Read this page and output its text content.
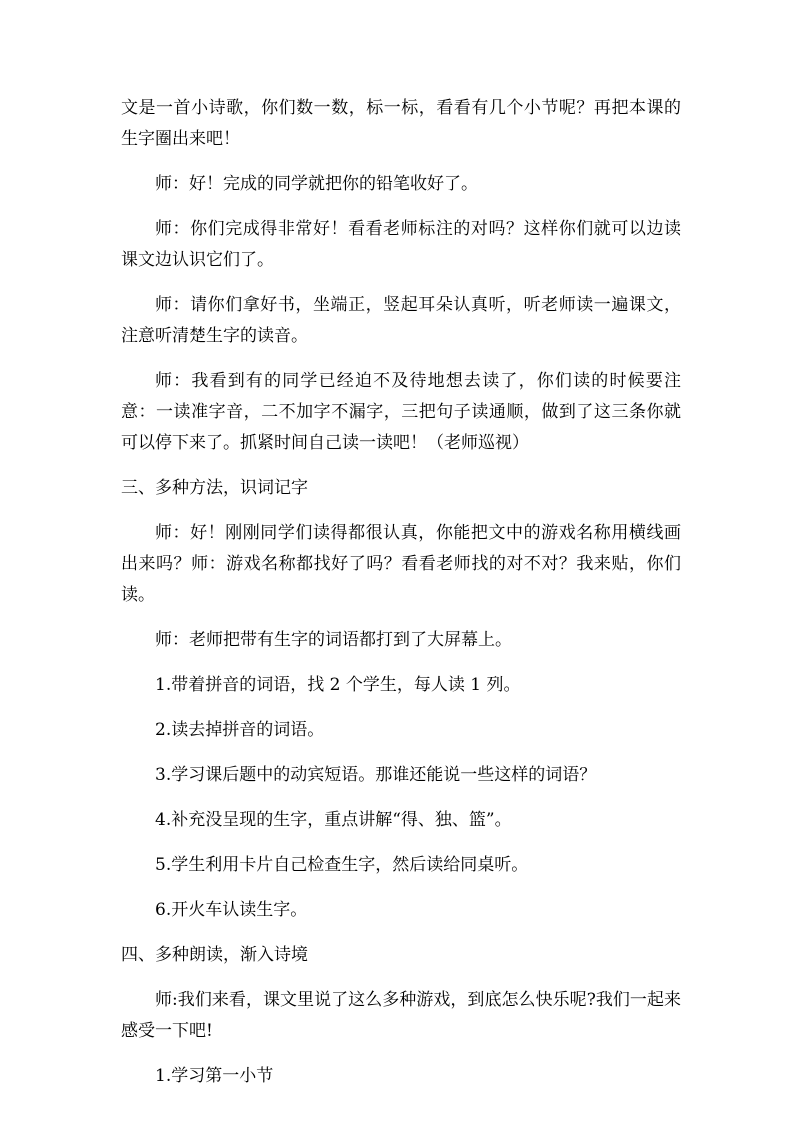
文是一首小诗歌，你们数一数，标一标，看看有几个小节呢？再把本课的生字圈出来吧！

师：好！完成的同学就把你的铅笔收好了。

师：你们完成得非常好！看看老师标注的对吗？这样你们就可以边读课文边认识它们了。

师：请你们拿好书，坐端正，竖起耳朵认真听，听老师读一遍课文，注意听清楚生字的读音。

师：我看到有的同学已经迫不及待地想去读了，你们读的时候要注意：一读准字音，二不加字不漏字，三把句子读通顺，做到了这三条你就可以停下来了。抓紧时间自己读一读吧！（老师巡视）

三、多种方法，识词记字

师：好！刚刚同学们读得都很认真，你能把文中的游戏名称用横线画出来吗？师：游戏名称都找好了吗？看看老师找的对不对？我来贴，你们读。

师：老师把带有生字的词语都打到了大屏幕上。

1.带着拼音的词语，找 2 个学生，每人读 1 列。

2.读去掉拼音的词语。

3.学习课后题中的动宾短语。那谁还能说一些这样的词语？

4.补充没呈现的生字，重点讲解“得、独、篮”。

5.学生利用卡片自己检查生字，然后读给同桌听。

6.开火车认读生字。

四、多种朗读，渐入诗境

师:我们来看，课文里说了这么多种游戏，到底怎么快乐呢?我们一起来感受一下吧!

1.学习第一小节
